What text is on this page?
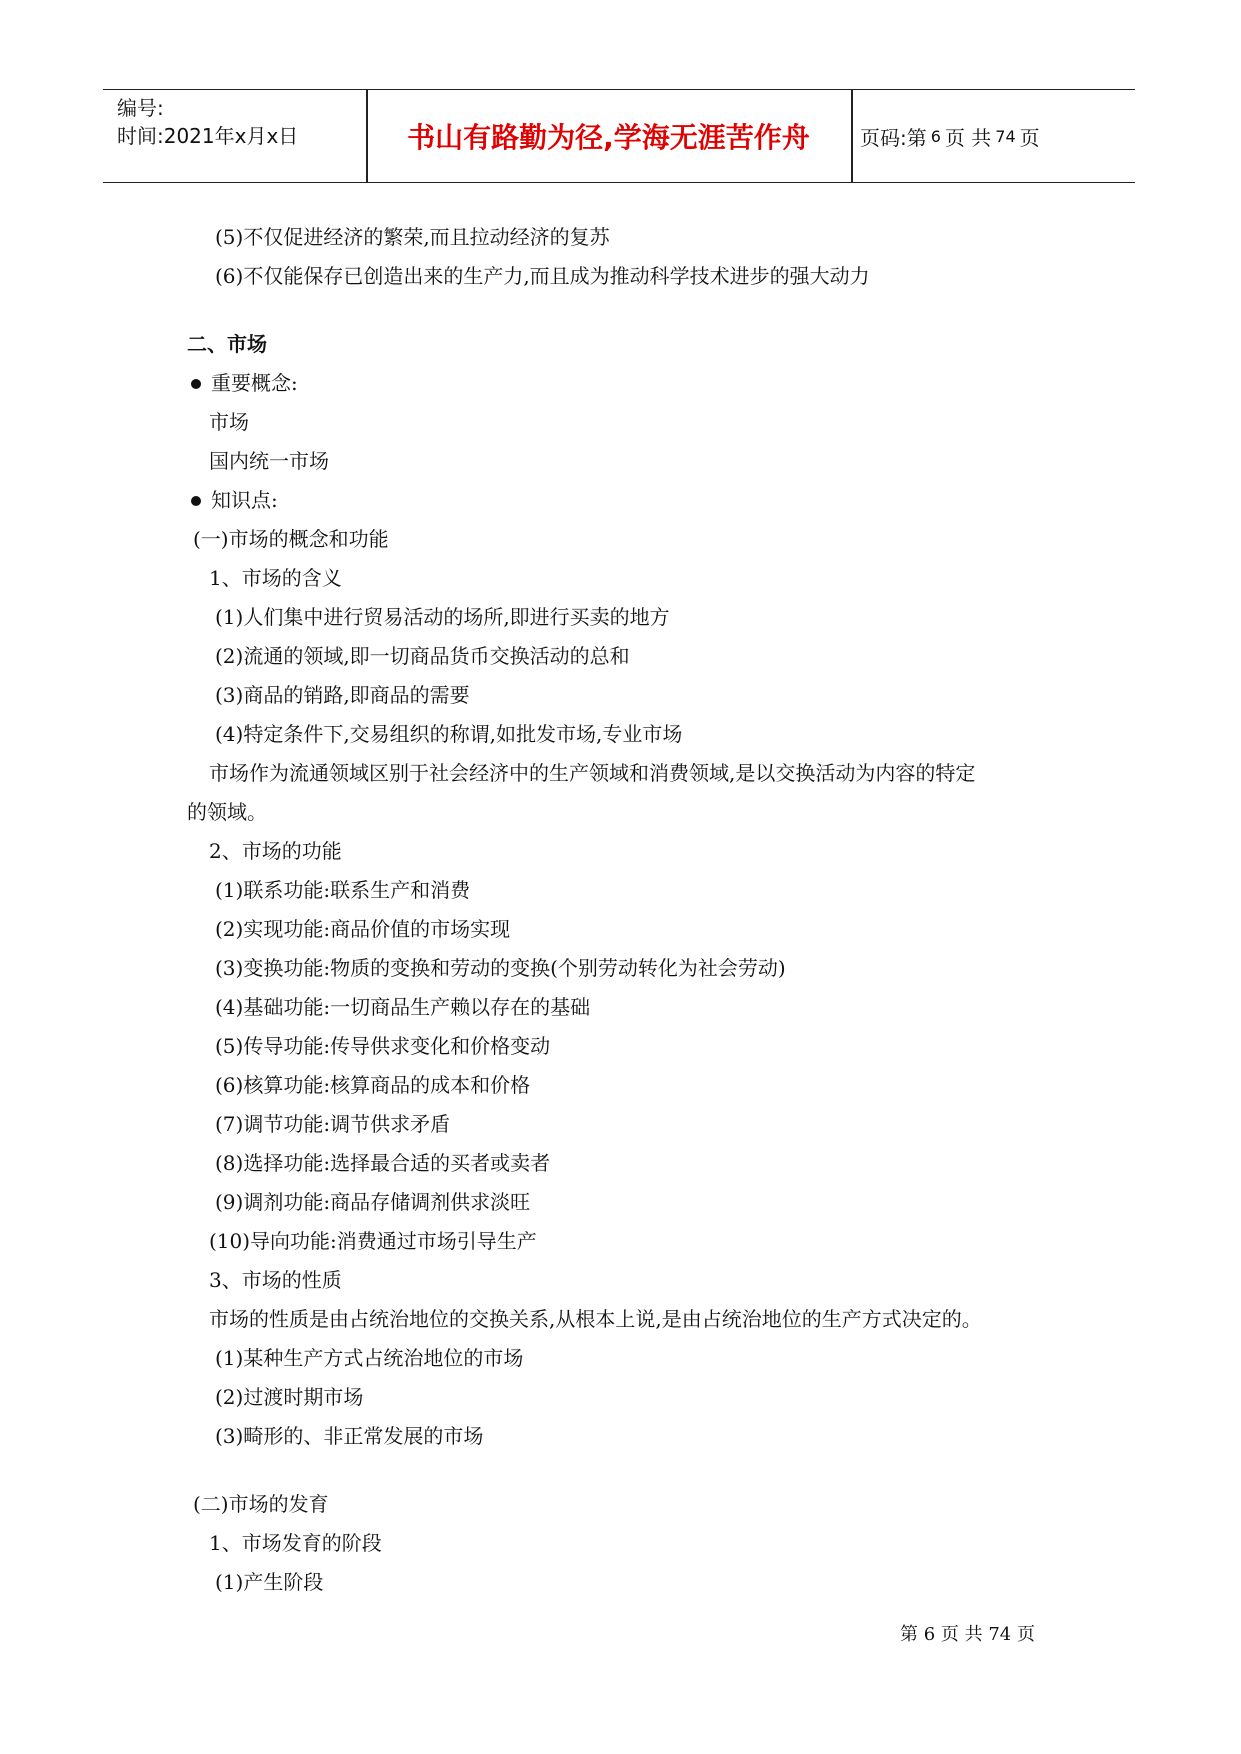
编号:
时间:2021年x月x日	书山有路勤为径,学海无涯苦作舟	页码:第 6 页 共 74 页
(5)不仅促进经济的繁荣,而且拉动经济的复苏
(6)不仅能保存已创造出来的生产力,而且成为推动科学技术进步的强大动力
二、市场
重要概念:
市场
国内统一市场
知识点:
(一)市场的概念和功能
1、市场的含义
(1)人们集中进行贸易活动的场所,即进行买卖的地方
(2)流通的领域,即一切商品货币交换活动的总和
(3)商品的销路,即商品的需要
(4)特定条件下,交易组织的称谓,如批发市场,专业市场
市场作为流通领域区别于社会经济中的生产领域和消费领域,是以交换活动为内容的特定
的领域。
2、市场的功能
(1)联系功能:联系生产和消费
(2)实现功能:商品价值的市场实现
(3)变换功能:物质的变换和劳动的变换(个别劳动转化为社会劳动)
(4)基础功能:一切商品生产赖以存在的基础
(5)传导功能:传导供求变化和价格变动
(6)核算功能:核算商品的成本和价格
(7)调节功能:调节供求矛盾
(8)选择功能:选择最合适的买者或卖者
(9)调剂功能:商品存储调剂供求淡旺
(10)导向功能:消费通过市场引导生产
3、市场的性质
市场的性质是由占统治地位的交换关系,从根本上说,是由占统治地位的生产方式决定的。
(1)某种生产方式占统治地位的市场
(2)过渡时期市场
(3)畸形的、非正常发展的市场
(二)市场的发育
1、市场发育的阶段
(1)产生阶段
第 6 页 共 74 页
